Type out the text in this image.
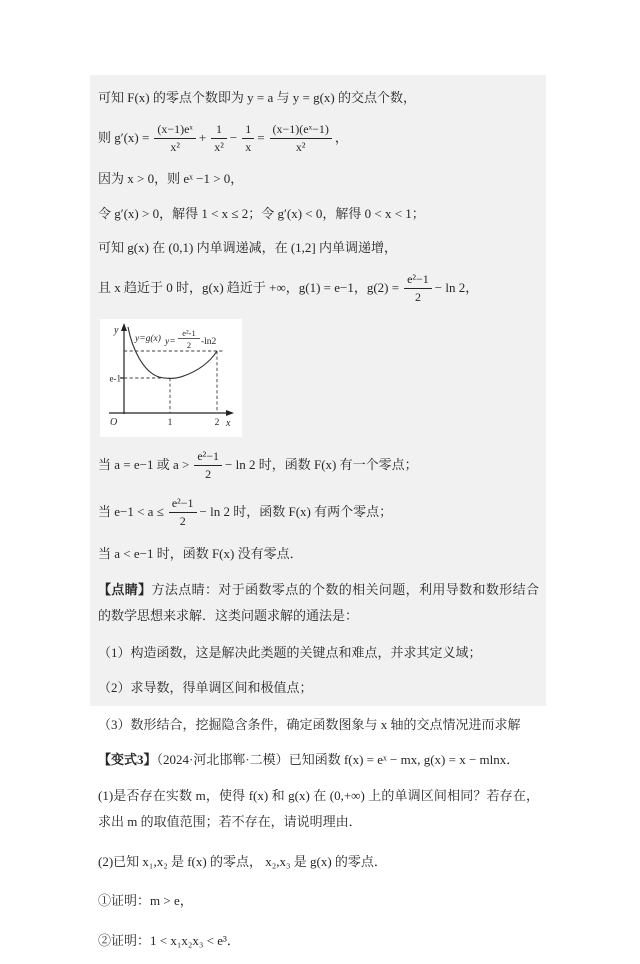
可知 F(x) 的零点个数即为 y = a 与 y = g(x) 的交点个数，

则 $g'(x) = \frac{\text{(x−1)eˣ}}{\text{x²}} + \frac{1}{\text{x²}} - \frac{1}{x} = \frac{\text{(x−1)(eˣ−1)}}{\text{x²}}$ ，

因为 x > 0，则 eˣ −1 > 0，

令 g′(x) > 0，解得 1 < x ≤ 2；令 g′(x) < 0，解得 0 < x < 1；

可知 g(x) 在 (0,1) 内单调递减，在 (1,2] 内单调递增，

且 x 趋近于 0 时，g(x) 趋近于 +∞，g(1) = e−1，$g(2) = \frac{\text{e²−1}}{2} - \ln 2$，
y
x
O	1	2
e-1
y=g(x) y=
e²-1
2 -ln2
当 a = e−1 或 $a > \frac{\text{e²−1}}{2} - \ln 2$ 时，函数 F(x) 有一个零点；
当 $e-1 < a \le \frac{\text{e²−1}}{2} - \ln 2$ 时，函数 F(x) 有两个零点；

当 a < e−1 时，函数 F(x) 没有零点．

【点睛】方法点睛：对于函数零点的个数的相关问题，利用导数和数形结合的数学思想来求解．这类问题求解的通法是：

（1）构造函数，这是解决此类题的关键点和难点，并求其定义域；

（2）求导数，得单调区间和极值点；

（3）数形结合，挖掘隐含条件，确定函数图象与 x 轴的交点情况进而求解

【变式3】（2024·河北邯郸·二模）已知函数 f(x) = eˣ − mx, g(x) = x − mlnx．

(1)是否存在实数 m，使得 f(x) 和 g(x) 在 (0,+∞) 上的单调区间相同？若存在，求出 m 的取值范围；若不存在，请说明理由．

(2)已知 x₁,x₂ 是 f(x) 的零点， x₂,x₃ 是 g(x) 的零点．

①证明：m > e，

②证明：1 < x₁x₂x₃ < e³．
